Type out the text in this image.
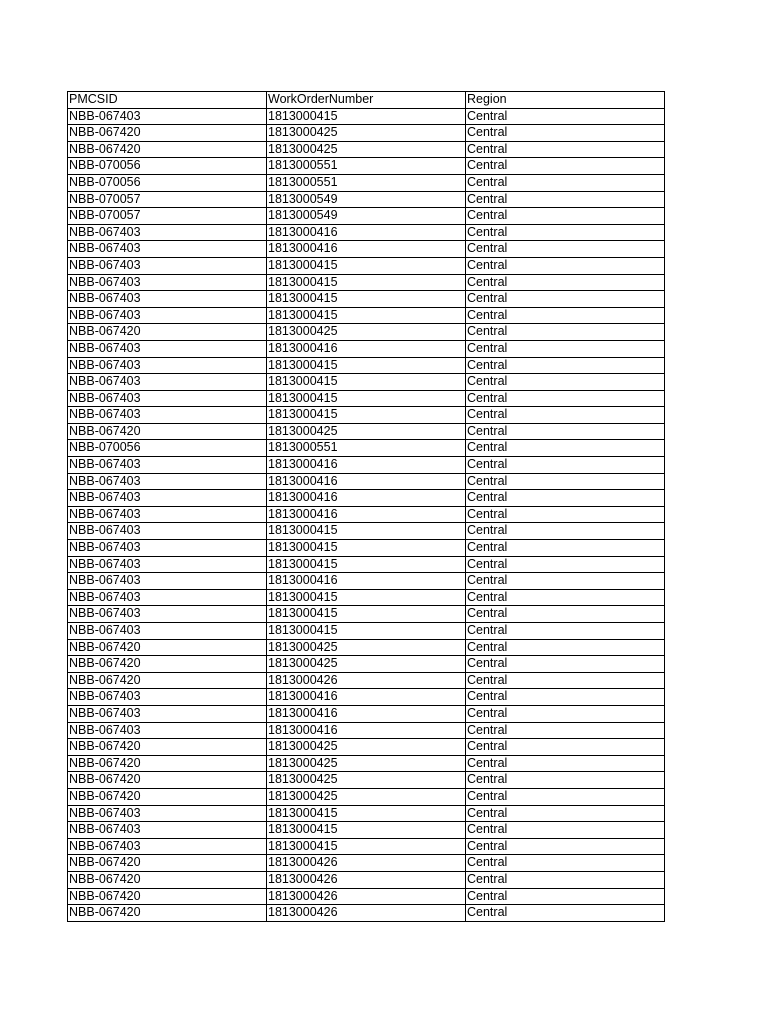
PMCSID	WorkOrderNumber	Region
NBB-067403	1813000415	Central
NBB-067420	1813000425	Central
NBB-067420	1813000425	Central
NBB-070056	1813000551	Central
NBB-070056	1813000551	Central
NBB-070057	1813000549	Central
NBB-070057	1813000549	Central
NBB-067403	1813000416	Central
NBB-067403	1813000416	Central
NBB-067403	1813000415	Central
NBB-067403	1813000415	Central
NBB-067403	1813000415	Central
NBB-067403	1813000415	Central
NBB-067420	1813000425	Central
NBB-067403	1813000416	Central
NBB-067403	1813000415	Central
NBB-067403	1813000415	Central
NBB-067403	1813000415	Central
NBB-067403	1813000415	Central
NBB-067420	1813000425	Central
NBB-070056	1813000551	Central
NBB-067403	1813000416	Central
NBB-067403	1813000416	Central
NBB-067403	1813000416	Central
NBB-067403	1813000416	Central
NBB-067403	1813000415	Central
NBB-067403	1813000415	Central
NBB-067403	1813000415	Central
NBB-067403	1813000416	Central
NBB-067403	1813000415	Central
NBB-067403	1813000415	Central
NBB-067403	1813000415	Central
NBB-067420	1813000425	Central
NBB-067420	1813000425	Central
NBB-067420	1813000426	Central
NBB-067403	1813000416	Central
NBB-067403	1813000416	Central
NBB-067403	1813000416	Central
NBB-067420	1813000425	Central
NBB-067420	1813000425	Central
NBB-067420	1813000425	Central
NBB-067420	1813000425	Central
NBB-067403	1813000415	Central
NBB-067403	1813000415	Central
NBB-067403	1813000415	Central
NBB-067420	1813000426	Central
NBB-067420	1813000426	Central
NBB-067420	1813000426	Central
NBB-067420	1813000426	Central
